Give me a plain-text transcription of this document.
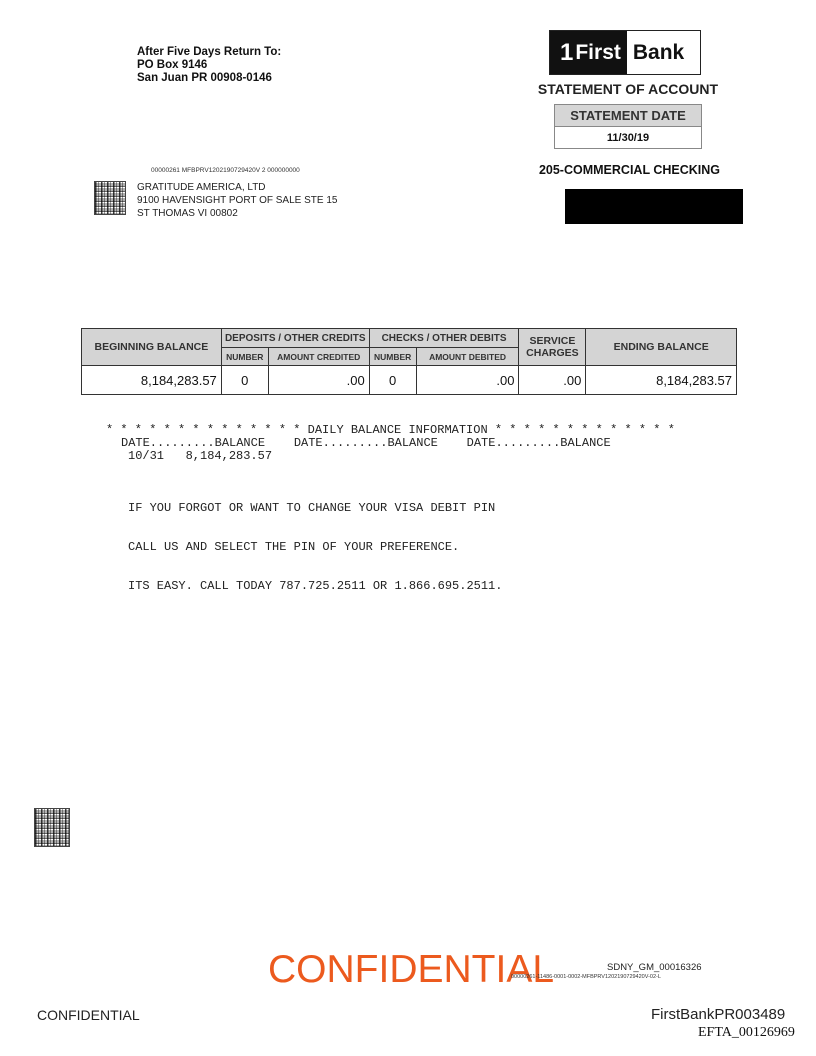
After Five Days Return To:
PO Box 9146
San Juan PR 00908-0146
1 First Bank
STATEMENT OF ACCOUNT
STATEMENT DATE
11/30/19
205-COMMERCIAL CHECKING
00000261 MFBPRV1202190729420V 2 000000000
GRATITUDE AMERICA, LTD
9100 HAVENSIGHT PORT OF SALE STE 15
ST THOMAS VI 00802
BEGINNING BALANCE	DEPOSITS / OTHER CREDITS		CHECKS / OTHER DEBITS		SERVICE
CHARGES	ENDING BALANCE
	NUMBER	AMOUNT CREDITED	NUMBER	AMOUNT DEBITED		
8,184,283.57	0	.00	0	.00	.00	8,184,283.57
* * * * * * * * * * * * * * DAILY BALANCE INFORMATION * * * * * * * * * * * * *
DATE.........BALANCE    DATE.........BALANCE    DATE.........BALANCE
10/31   8,184,283.57

IF YOU FORGOT OR WANT TO CHANGE YOUR VISA DEBIT PIN

CALL US AND SELECT THE PIN OF YOUR PREFERENCE.

ITS EASY. CALL TODAY 787.725.2511 OR 1.866.695.2511.

CONFIDENTIAL	SDNY_GM_00016326
00000261-11486-0001-0002-MFBPRV1202190729420V-02-L
CONFIDENTIAL	FirstBankPR003489
EFTA_00126969
